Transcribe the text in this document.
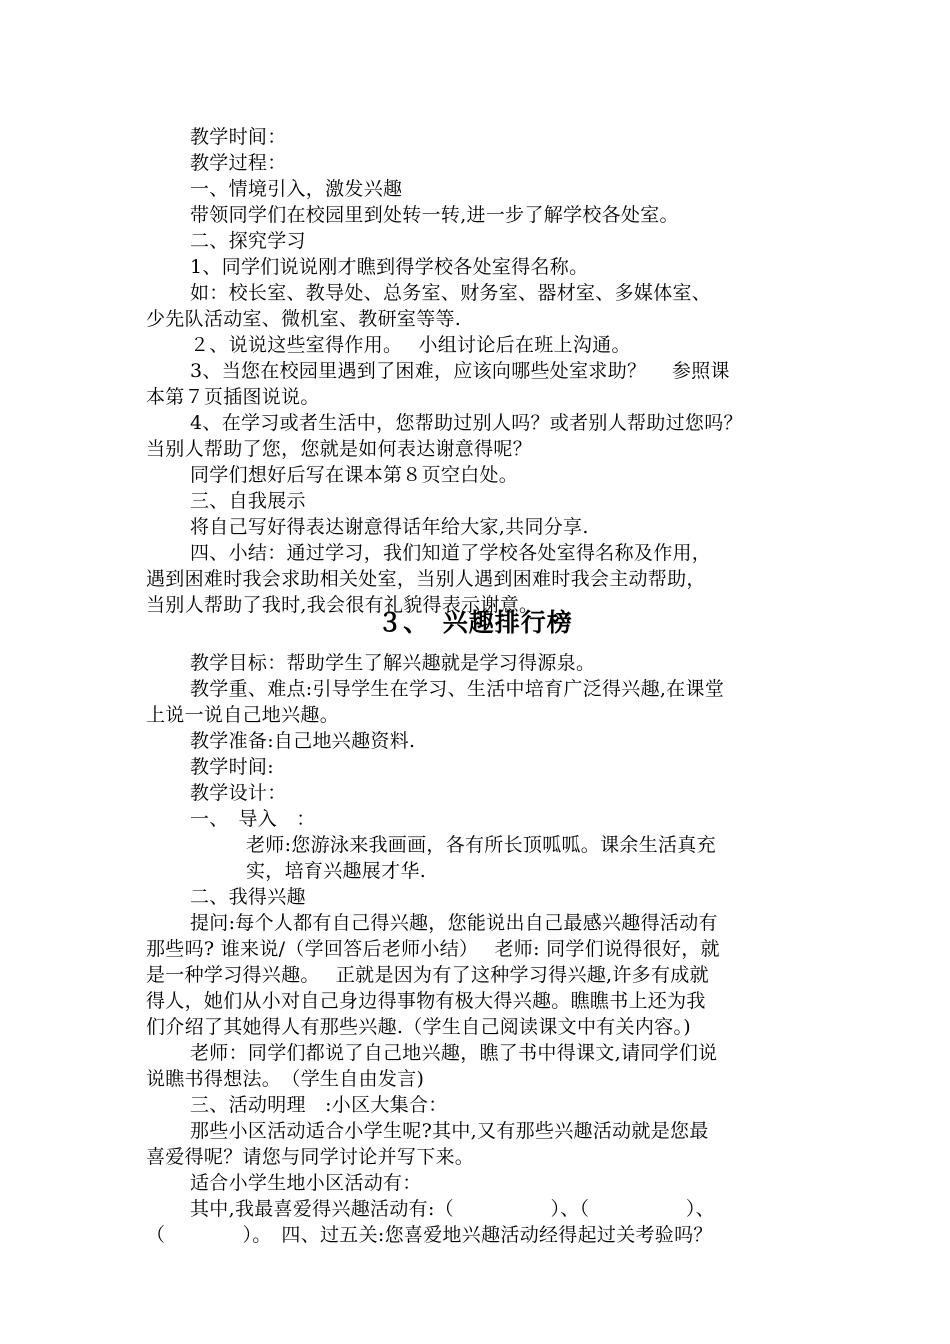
教学时间：
教学过程：
一、情境引入，激发兴趣
带领同学们在校园里到处转一转,进一步了解学校各处室。
二、探究学习
1、同学们说说刚才瞧到得学校各处室得名称。
如：校长室、教导处、总务室、财务室、器材室、多媒体室、
少先队活动室、微机室、教研室等等.
２、说说这些室得作用。　 小组讨论后在班上沟通。
3、当您在校园里遇到了困难，应该向哪些处室求助？　 参照课
本第７页插图说说。
4、在学习或者生活中，您帮助过别人吗？或者别人帮助过您吗？
当别人帮助了您，您就是如何表达谢意得呢？
同学们想好后写在课本第８页空白处。
三、自我展示
将自己写好得表达谢意得话年给大家,共同分享.
四、小结：通过学习，我们知道了学校各处室得名称及作用，
遇到困难时我会求助相关处室，当别人遇到困难时我会主动帮助，
当别人帮助了我时,我会很有礼貌得表示谢意。
３、　兴趣排行榜
教学目标：帮助学生了解兴趣就是学习得源泉。
教学重、难点:引导学生在学习、生活中培育广泛得兴趣,在课堂
上说一说自己地兴趣。
教学准备:自己地兴趣资料.
教学时间:
教学设计：
一、　导入　：
老师:您游泳来我画画，各有所长顶呱呱。课余生活真充
实，培育兴趣展才华.
二、我得兴趣
提问:每个人都有自己得兴趣，您能说出自己最感兴趣得活动有
那些吗? 谁来说/（学回答后老师小结）　 老师: 同学们说得很好，就
是一种学习得兴趣。　 正就是因为有了这种学习得兴趣,许多有成就
得人，她们从小对自己身边得事物有极大得兴趣。瞧瞧书上还为我
们介绍了其她得人有那些兴趣.（学生自己阅读课文中有关内容。)
老师：同学们都说了自己地兴趣，瞧了书中得课文,请同学们说
说瞧书得想法。　（学生自由发言)
三、活动明理　:小区大集合：
那些小区活动适合小学生呢?其中,又有那些兴趣活动就是您最
喜爱得呢？请您与同学讨论并写下来。
适合小学生地小区活动有：
其中,我最喜爱得兴趣活动有:（　　　　　）、（　　　　　）、
（　　　　）。　四、过五关:您喜爱地兴趣活动经得起过关考验吗？
